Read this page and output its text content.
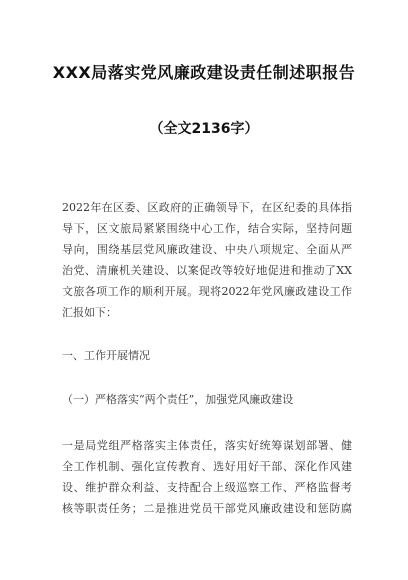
XXX局落实党风廉政建设责任制述职报告
（全文2136字）

2022年在区委、区政府的正确领导下，在区纪委的具体指

导下，区文旅局紧紧围绕中心工作，结合实际，坚持问题

导向，围绕基层党风廉政建设、中央八项规定、全面从严

治党、清廉机关建设、以案促改等较好地促进和推动了XX

文旅各项工作的顺利开展。现将2022年党风廉政建设工作

汇报如下：

一、工作开展情况
（一）严格落实“两个责任”，加强党风廉政建设

一是局党组严格落实主体责任，落实好统筹谋划部署、健

全工作机制、强化宣传教育、选好用好干部、深化作风建

设、维护群众利益、支持配合上级巡察工作、严格监督考

核等职责任务；二是推进党员干部党风廉政建设和惩防腐
